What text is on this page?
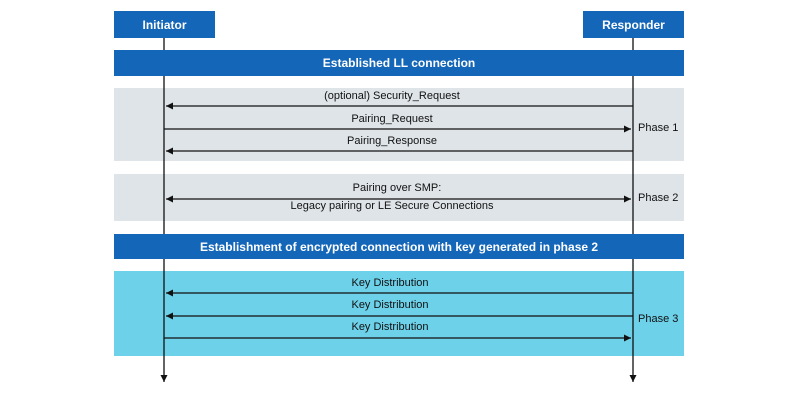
Initiator	Responder
Established LL connection
Establishment of encrypted connection with key generated in phase 2
(optional) Security_Request
Pairing_Request
Pairing_Response
Phase 1
Pairing over SMP:
Legacy pairing or LE Secure Connections
Phase 2
Key Distribution
Key Distribution
Key Distribution
Phase 3
